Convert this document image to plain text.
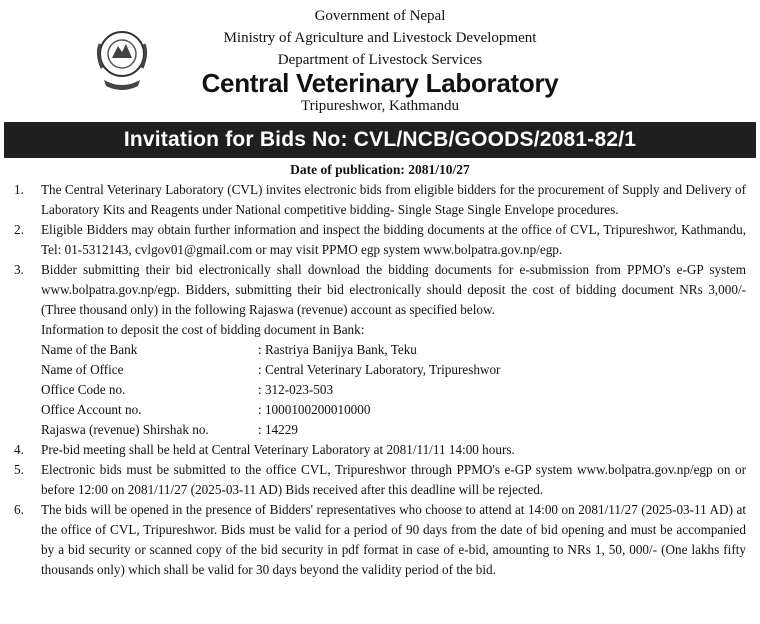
Government of Nepal
Ministry of Agriculture and Livestock Development
Department of Livestock Services
Central Veterinary Laboratory
Tripureshwor, Kathmandu
Invitation for Bids No: CVL/NCB/GOODS/2081-82/1
Date of publication: 2081/10/27
1. The Central Veterinary Laboratory (CVL) invites electronic bids from eligible bidders for the procurement of Supply and Delivery of Laboratory Kits and Reagents under National competitive bidding- Single Stage Single Envelope procedures.
2. Eligible Bidders may obtain further information and inspect the bidding documents at the office of CVL, Tripureshwor, Kathmandu, Tel: 01-5312143, cvlgov01@gmail.com or may visit PPMO egp system www.bolpatra.gov.np/egp.
3. Bidder submitting their bid electronically shall download the bidding documents for e-submission from PPMO's e-GP system www.bolpatra.gov.np/egp. Bidders, submitting their bid electronically should deposit the cost of bidding document NRs 3,000/- (Three thousand only) in the following Rajaswa (revenue) account as specified below.
Information to deposit the cost of bidding document in Bank:
Name of the Bank	: Rastriya Banijya Bank, Teku
Name of Office	: Central Veterinary Laboratory, Tripureshwor
Office Code no.	: 312-023-503
Office Account no.	: 1000100200010000
Rajaswa (revenue) Shirshak no.	: 14229
4. Pre-bid meeting shall be held at Central Veterinary Laboratory at 2081/11/11 14:00 hours.
5. Electronic bids must be submitted to the office CVL, Tripureshwor through PPMO's e-GP system www.bolpatra.gov.np/egp on or before 12:00 on 2081/11/27 (2025-03-11 AD) Bids received after this deadline will be rejected.
6. The bids will be opened in the presence of Bidders' representatives who choose to attend at 14:00 on 2081/11/27 (2025-03-11 AD) at the office of CVL, Tripureshwor. Bids must be valid for a period of 90 days from the date of bid opening and must be accompanied by a bid security or scanned copy of the bid security in pdf format in case of e-bid, amounting to NRs 1, 50, 000/- (One lakhs fifty thousands only) which shall be valid for 30 days beyond the validity period of the bid.
